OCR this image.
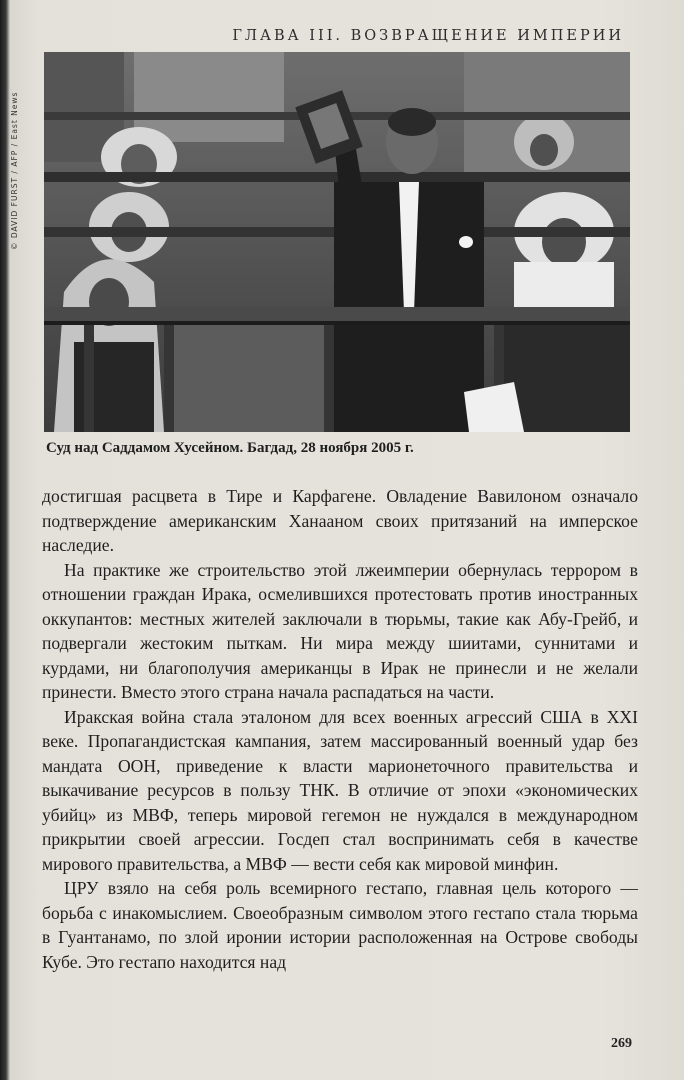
ГЛАВА III. ВОЗВРАЩЕНИЕ ИМПЕРИИ
© DAVID FURST / AFP / East News
Суд над Саддамом Хусейном. Багдад, 28 ноября 2005 г.

достигшая расцвета в Тире и Карфагене. Овладение Вавилоном означало подтверждение американским Ханааном своих притязаний на имперское наследие.

На практике же строительство этой лжеимперии обернулась террором в отношении граждан Ирака, осмелившихся протестовать против иностранных оккупантов: местных жителей заключали в тюрьмы, такие как Абу-Грейб, и подвергали жестоким пыткам. Ни мира между шиитами, суннитами и курдами, ни благополучия американцы в Ирак не принесли и не желали принести. Вместо этого страна начала распадаться на части.

Иракская война стала эталоном для всех военных агрессий США в XXI веке. Пропагандистская кампания, затем массированный военный удар без мандата ООН, приведение к власти марионеточного правительства и выкачивание ресурсов в пользу ТНК. В отличие от эпохи «экономических убийц» из МВФ, теперь мировой гегемон не нуждался в международном прикрытии своей агрессии. Госдеп стал воспринимать себя в качестве мирового правительства, а МВФ — вести себя как мировой минфин.

ЦРУ взяло на себя роль всемирного гестапо, главная цель которого — борьба с инакомыслием. Своеобразным символом этого гестапо стала тюрьма в Гуантанамо, по злой иронии истории расположенная на Острове свободы Кубе. Это гестапо находится над

269
